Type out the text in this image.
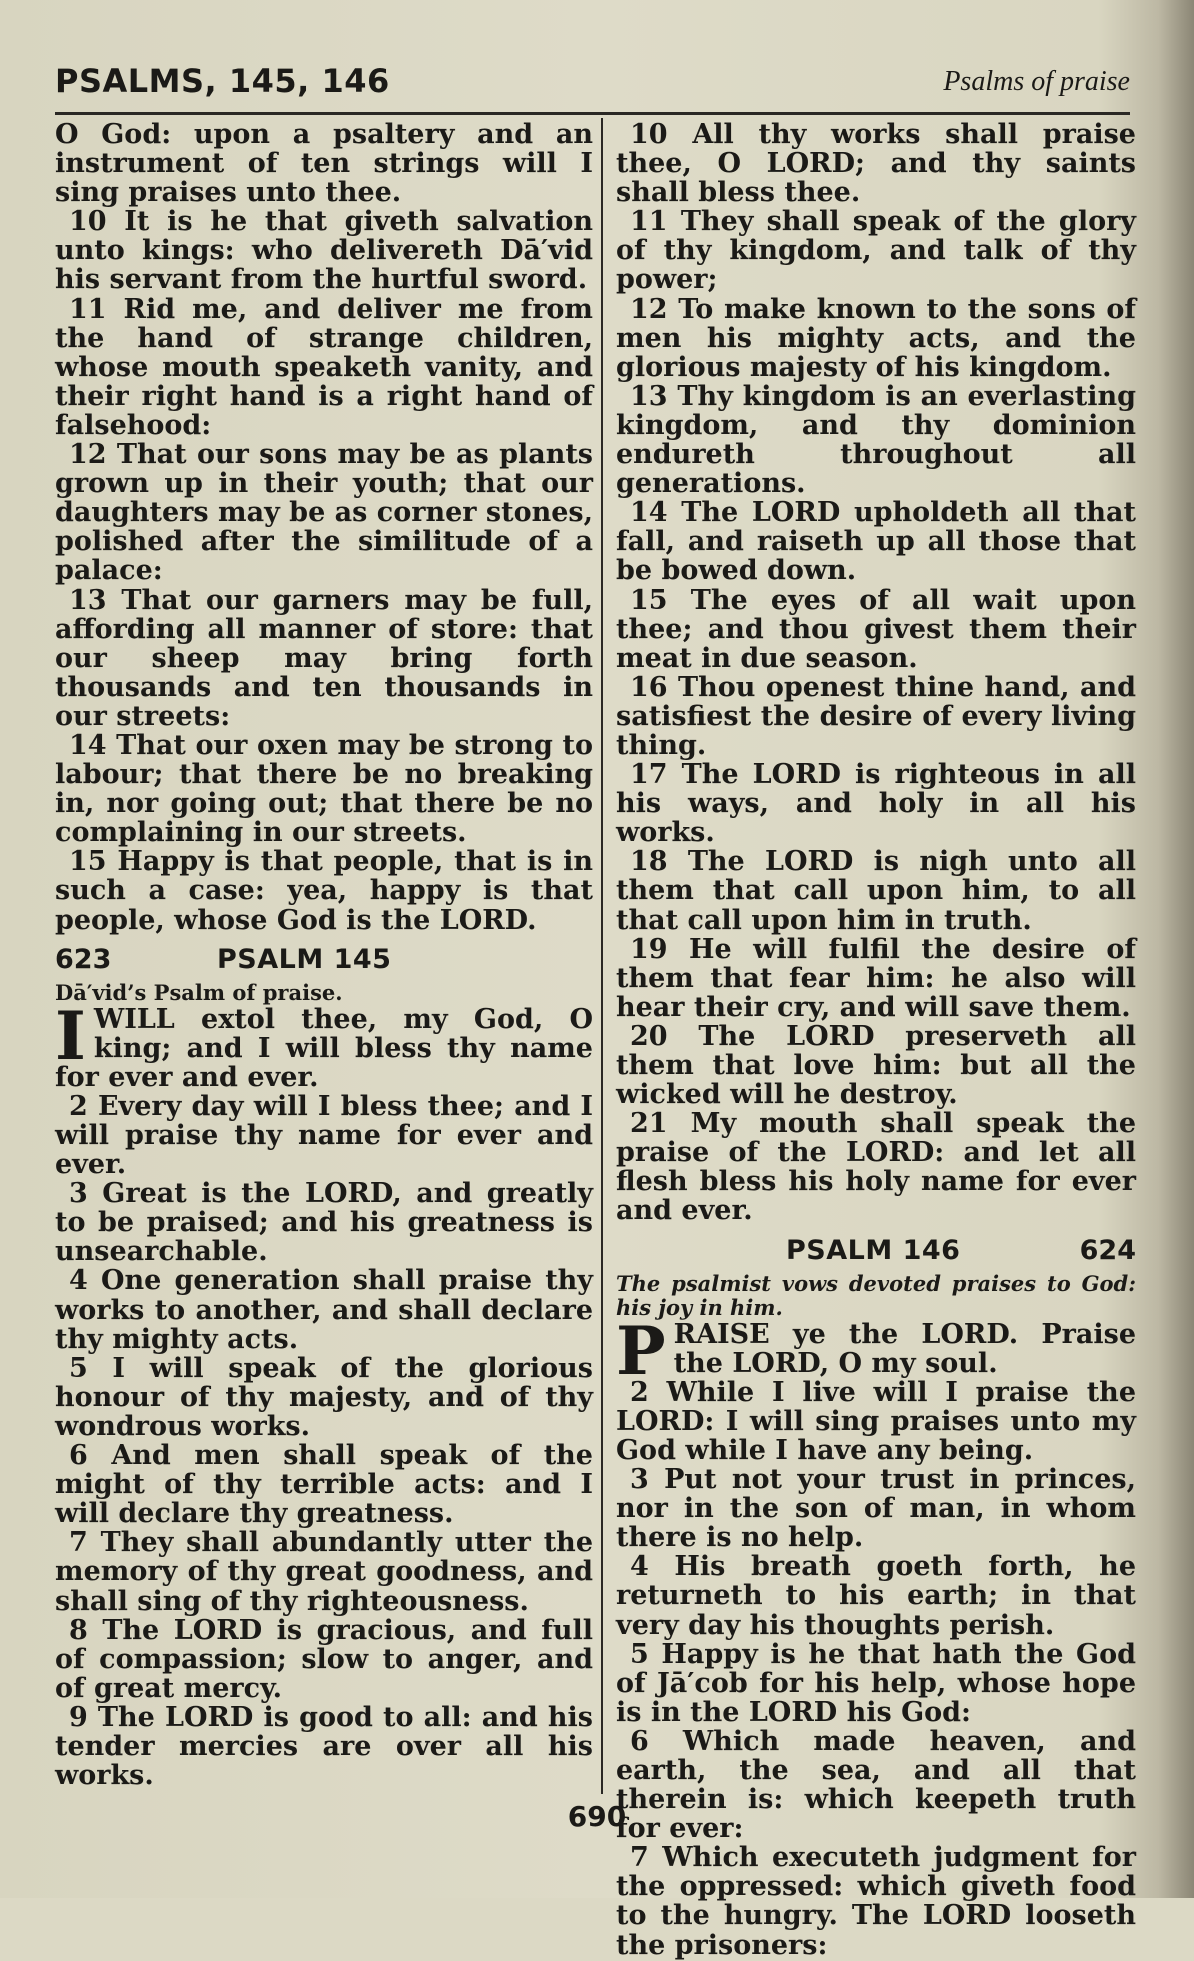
PSALMS, 145, 146	Psalms of praise

O God: upon a psaltery and an instrument of ten strings will I sing praises unto thee.

10 It is he that giveth salvation unto kings: who delivereth Dā′vid his servant from the hurtful sword.

11 Rid me, and deliver me from the hand of strange children, whose mouth speaketh vanity, and their right hand is a right hand of falsehood:

12 That our sons may be as plants grown up in their youth; that our daughters may be as corner stones, polished after the similitude of a palace:

13 That our garners may be full, affording all manner of store: that our sheep may bring forth thousands and ten thousands in our streets:

14 That our oxen may be strong to labour; that there be no breaking in, nor going out; that there be no complaining in our streets.

15 Happy is that people, that is in such a case: yea, happy is that people, whose God is the LORD.

623	PSALM 145

Dā′vid’s Psalm of praise.

IWILL extol thee, my God, O king; and I will bless thy name for ever and ever.

2 Every day will I bless thee; and I will praise thy name for ever and ever.

3 Great is the LORD, and greatly to be praised; and his greatness is unsearchable.

4 One generation shall praise thy works to another, and shall declare thy mighty acts.

5 I will speak of the glorious honour of thy majesty, and of thy wondrous works.

6 And men shall speak of the might of thy terrible acts: and I will declare thy greatness.

7 They shall abundantly utter the memory of thy great goodness, and shall sing of thy righteousness.

8 The LORD is gracious, and full of compassion; slow to anger, and of great mercy.

9 The LORD is good to all: and his tender mercies are over all his works.

10 All thy works shall praise thee, O LORD; and thy saints shall bless thee.

11 They shall speak of the glory of thy kingdom, and talk of thy power;

12 To make known to the sons of men his mighty acts, and the glorious majesty of his kingdom.

13 Thy kingdom is an everlasting kingdom, and thy dominion endureth throughout all generations.

14 The LORD upholdeth all that fall, and raiseth up all those that be bowed down.

15 The eyes of all wait upon thee; and thou givest them their meat in due season.

16 Thou openest thine hand, and satisfiest the desire of every living thing.

17 The LORD is righteous in all his ways, and holy in all his works.

18 The LORD is nigh unto all them that call upon him, to all that call upon him in truth.

19 He will fulfil the desire of them that fear him: he also will hear their cry, and will save them.

20 The LORD preserveth all them that love him: but all the wicked will he destroy.

21 My mouth shall speak the praise of the LORD: and let all flesh bless his holy name for ever and ever.

PSALM 146	624

The psalmist vows devoted praises to God: his joy in him.

PRAISE ye the LORD. Praise the LORD, O my soul.

2 While I live will I praise the LORD: I will sing praises unto my God while I have any being.

3 Put not your trust in princes, nor in the son of man, in whom there is no help.

4 His breath goeth forth, he returneth to his earth; in that very day his thoughts perish.

5 Happy is he that hath the God of Jā′cob for his help, whose hope is in the LORD his God:

6 Which made heaven, and earth, the sea, and all that therein is: which keepeth truth for ever:

7 Which executeth judgment for the oppressed: which giveth food to the hungry. The LORD looseth the prisoners:

690
